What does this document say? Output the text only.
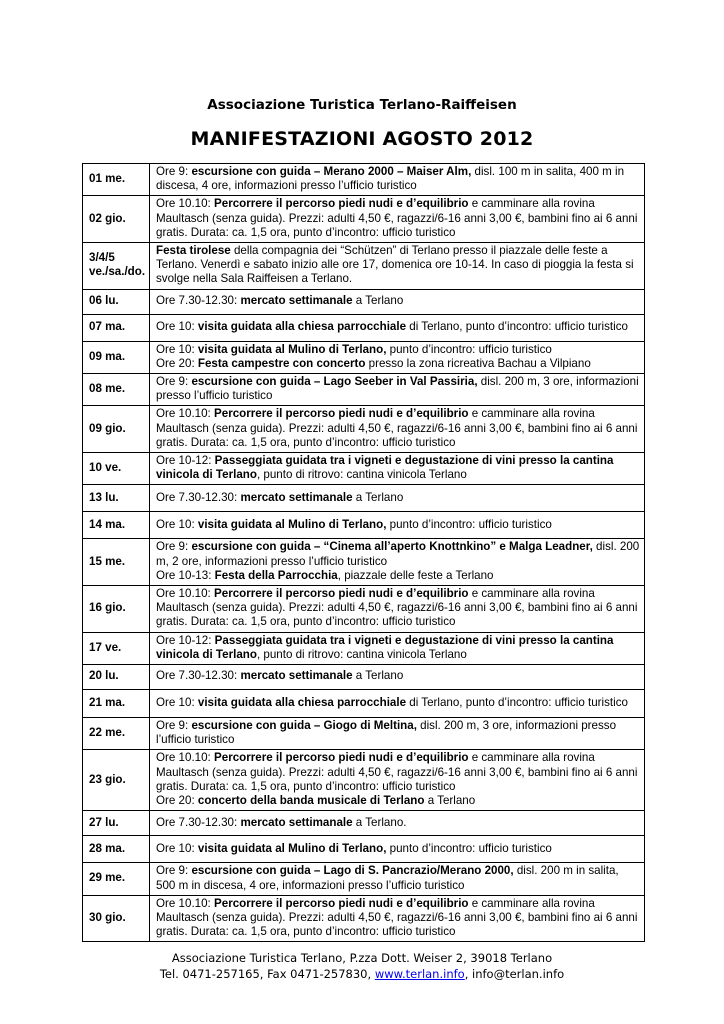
Associazione Turistica Terlano-Raiffeisen
MANIFESTAZIONI AGOSTO 2012
01 me.	Ore 9: escursione con guida – Merano 2000 – Maiser Alm, disl. 100 m in salita, 400 m in discesa, 4 ore, informazioni presso l’ufficio turistico

02 gio.	Ore 10.10: Percorrere il percorso piedi nudi e d’equilibrio e camminare alla rovina Maultasch (senza guida). Prezzi: adulti 4,50 €, ragazzi/6-16 anni 3,00 €, bambini fino ai 6 anni gratis. Durata: ca. 1,5 ora, punto d’incontro: ufficio turistico

3/4/5 ve./sa./do.	Festa tirolese della compagnia dei “Schützen” di Terlano presso il piazzale delle feste a Terlano. Venerdì e sabato inizio alle ore 17, domenica ore 10-14. In caso di pioggia la festa si svolge nella Sala Raiffeisen a Terlano.

06 lu.	Ore 7.30-12.30: mercato settimanale a Terlano

07 ma.	Ore 10: visita guidata alla chiesa parrocchiale di Terlano, punto d’incontro: ufficio turistico

09 ma.	Ore 10: visita guidata al Mulino di Terlano, punto d’incontro: ufficio turistico
Ore 20: Festa campestre con concerto presso la zona ricreativa Bachau a Vilpiano

08 me.	Ore 9: escursione con guida – Lago Seeber in Val Passiria, disl. 200 m, 3 ore, informazioni presso l’ufficio turistico

09 gio.	Ore 10.10: Percorrere il percorso piedi nudi e d’equilibrio e camminare alla rovina Maultasch (senza guida). Prezzi: adulti 4,50 €, ragazzi/6-16 anni 3,00 €, bambini fino ai 6 anni gratis. Durata: ca. 1,5 ora, punto d’incontro: ufficio turistico

10 ve.	Ore 10-12: Passeggiata guidata tra i vigneti e degustazione di vini presso la cantina vinicola di Terlano, punto di ritrovo: cantina vinicola Terlano

13 lu.	Ore 7.30-12.30: mercato settimanale a Terlano

14 ma.	Ore 10: visita guidata al Mulino di Terlano, punto d’incontro: ufficio turistico

15 me.	Ore 9: escursione con guida – “Cinema all’aperto Knottnkino” e Malga Leadner, disl. 200 m, 2 ore, informazioni presso l’ufficio turistico
Ore 10-13: Festa della Parrocchia, piazzale delle feste a Terlano

16 gio.	Ore 10.10: Percorrere il percorso piedi nudi e d’equilibrio e camminare alla rovina Maultasch (senza guida). Prezzi: adulti 4,50 €, ragazzi/6-16 anni 3,00 €, bambini fino ai 6 anni gratis. Durata: ca. 1,5 ora, punto d’incontro: ufficio turistico

17 ve.	Ore 10-12: Passeggiata guidata tra i vigneti e degustazione di vini presso la cantina vinicola di Terlano, punto di ritrovo: cantina vinicola Terlano

20 lu.	Ore 7.30-12.30: mercato settimanale a Terlano

21 ma.	Ore 10: visita guidata alla chiesa parrocchiale di Terlano, punto d’incontro: ufficio turistico

22 me.	Ore 9: escursione con guida – Giogo di Meltina, disl. 200 m, 3 ore, informazioni presso l’ufficio turistico

23 gio.	Ore 10.10: Percorrere il percorso piedi nudi e d’equilibrio e camminare alla rovina Maultasch (senza guida). Prezzi: adulti 4,50 €, ragazzi/6-16 anni 3,00 €, bambini fino ai 6 anni gratis. Durata: ca. 1,5 ora, punto d’incontro: ufficio turistico
Ore 20: concerto della banda musicale di Terlano a Terlano

27 lu.	Ore 7.30-12.30: mercato settimanale a Terlano.

28 ma.	Ore 10: visita guidata al Mulino di Terlano, punto d’incontro: ufficio turistico

29 me.	Ore 9: escursione con guida – Lago di S. Pancrazio/Merano 2000, disl. 200 m in salita, 500 m in discesa, 4 ore, informazioni presso l’ufficio turistico

30 gio.	Ore 10.10: Percorrere il percorso piedi nudi e d’equilibrio e camminare alla rovina Maultasch (senza guida). Prezzi: adulti 4,50 €, ragazzi/6-16 anni 3,00 €, bambini fino ai 6 anni gratis. Durata: ca. 1,5 ora, punto d’incontro: ufficio turistico
Associazione Turistica Terlano, P.zza Dott. Weiser 2, 39018 Terlano
Tel. 0471-257165, Fax 0471-257830, www.terlan.info, info@terlan.info
